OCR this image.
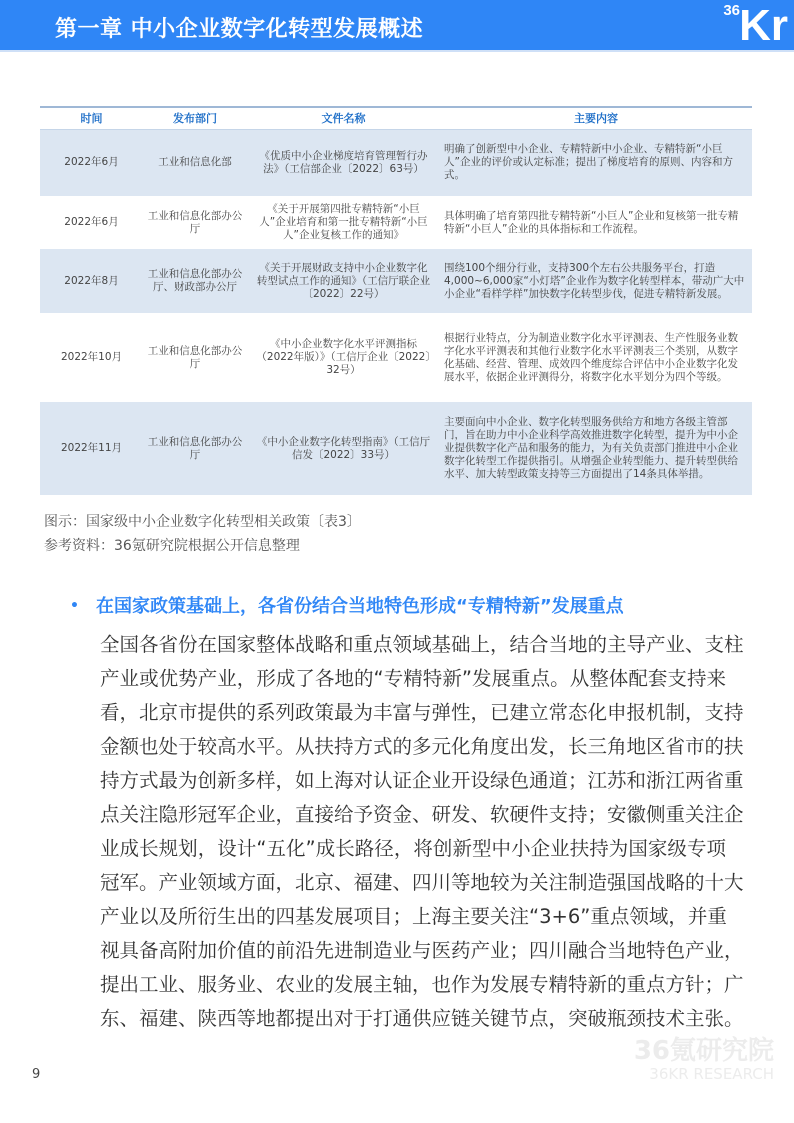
第一章 中小企业数字化转型发展概述
36 Kr
时间	发布部门	文件名称	主要内容
2022年6月	工业和信息化部	《优质中小企业梯度培育管理暂行办法》（工信部企业〔2022〕63号）	明确了创新型中小企业、专精特新中小企业、专精特新“小巨人”企业的评价或认定标准；提出了梯度培育的原则、内容和方式。
2022年6月	工业和信息化部办公厅	《关于开展第四批专精特新“小巨人”企业培育和第一批专精特新“小巨人”企业复核工作的通知》	具体明确了培育第四批专精特新“小巨人”企业和复核第一批专精特新“小巨人”企业的具体指标和工作流程。
2022年8月	工业和信息化部办公厅、财政部办公厅	《关于开展财政支持中小企业数字化转型试点工作的通知》（工信厅联企业〔2022〕22号）	围绕100个细分行业，支持300个左右公共服务平台，打造4,000~6,000家“小灯塔”企业作为数字化转型样本，带动广大中小企业“看样学样”加快数字化转型步伐，促进专精特新发展。
2022年10月	工业和信息化部办公厅	《中小企业数字化水平评测指标（2022年版）》（工信厅企业〔2022〕32号）	根据行业特点，分为制造业数字化水平评测表、生产性服务业数字化水平评测表和其他行业数字化水平评测表三个类别，从数字化基础、经营、管理、成效四个维度综合评估中小企业数字化发展水平，依据企业评测得分，将数字化水平划分为四个等级。
2022年11月	工业和信息化部办公厅	《中小企业数字化转型指南》（工信厅信发〔2022〕33号）	主要面向中小企业、数字化转型服务供给方和地方各级主管部门，旨在助力中小企业科学高效推进数字化转型，提升为中小企业提供数字化产品和服务的能力，为有关负责部门推进中小企业数字化转型工作提供指引。从增强企业转型能力、提升转型供给水平、加大转型政策支持等三方面提出了14条具体举措。
图示：国家级中小企业数字化转型相关政策〔表3〕
参考资料：36氪研究院根据公开信息整理
• 在国家政策基础上，各省份结合当地特色形成“专精特新”发展重点
全国各省份在国家整体战略和重点领域基础上，结合当地的主导产业、支柱
产业或优势产业，形成了各地的“专精特新”发展重点。从整体配套支持来
看，北京市提供的系列政策最为丰富与弹性，已建立常态化申报机制，支持
金额也处于较高水平。从扶持方式的多元化角度出发，长三角地区省市的扶
持方式最为创新多样，如上海对认证企业开设绿色通道；江苏和浙江两省重
点关注隐形冠军企业，直接给予资金、研发、软硬件支持；安徽侧重关注企
业成长规划，设计“五化”成长路径，将创新型中小企业扶持为国家级专项
冠军。产业领域方面，北京、福建、四川等地较为关注制造强国战略的十大
产业以及所衍生出的四基发展项目；上海主要关注“3+6”重点领域，并重
视具备高附加价值的前沿先进制造业与医药产业；四川融合当地特色产业，
提出工业、服务业、农业的发展主轴，也作为发展专精特新的重点方针；广
东、福建、陕西等地都提出对于打通供应链关键节点，突破瓶颈技术主张。
36氪研究院
36KR RESEARCH
9
